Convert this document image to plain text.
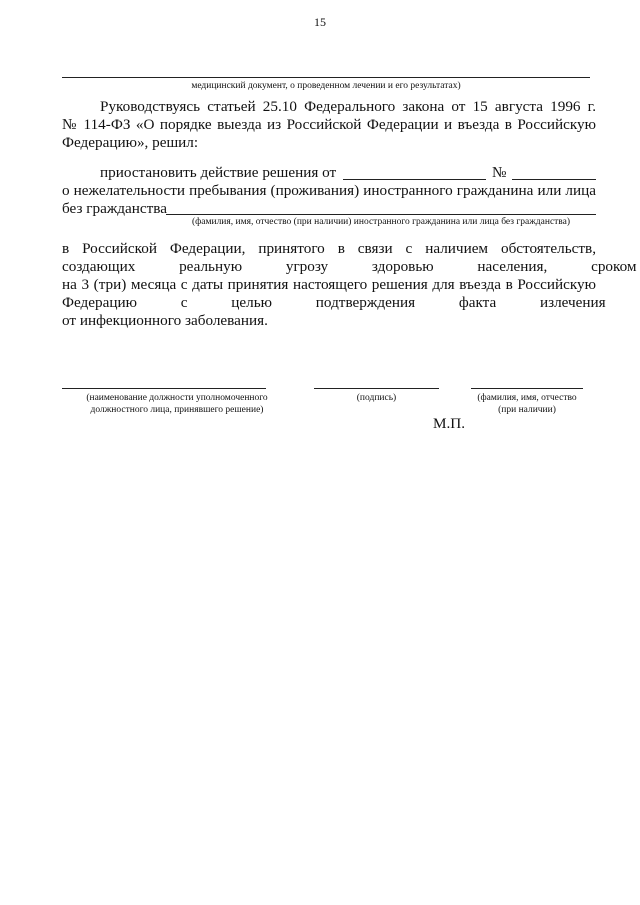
15
медицинский документ, о проведенном лечении и его результатах)
Руководствуясь статьей 25.10 Федерального закона от 15 августа 1996 г.
№ 114-ФЗ «О порядке выезда из Российской Федерации и въезда в Российскую
Федерацию», решил:
приостановить действие решения от	№
о нежелательности пребывания (проживания) иностранного гражданина или лица
без гражданства
(фамилия, имя, отчество (при наличии) иностранного гражданина или лица без гражданства)
в Российской Федерации, принятого в связи с наличием обстоятельств,
создающих реальную угрозу здоровью населения, сроком
на 3 (три) месяца с даты принятия настоящего решения для въезда в Российскую
Федерацию с целью подтверждения факта излечения
от инфекционного заболевания.
(наименование должности уполномоченного
должностного лица, принявшего решение)
(подпись)	(фамилия, имя, отчество
(при наличии)
М.П.
